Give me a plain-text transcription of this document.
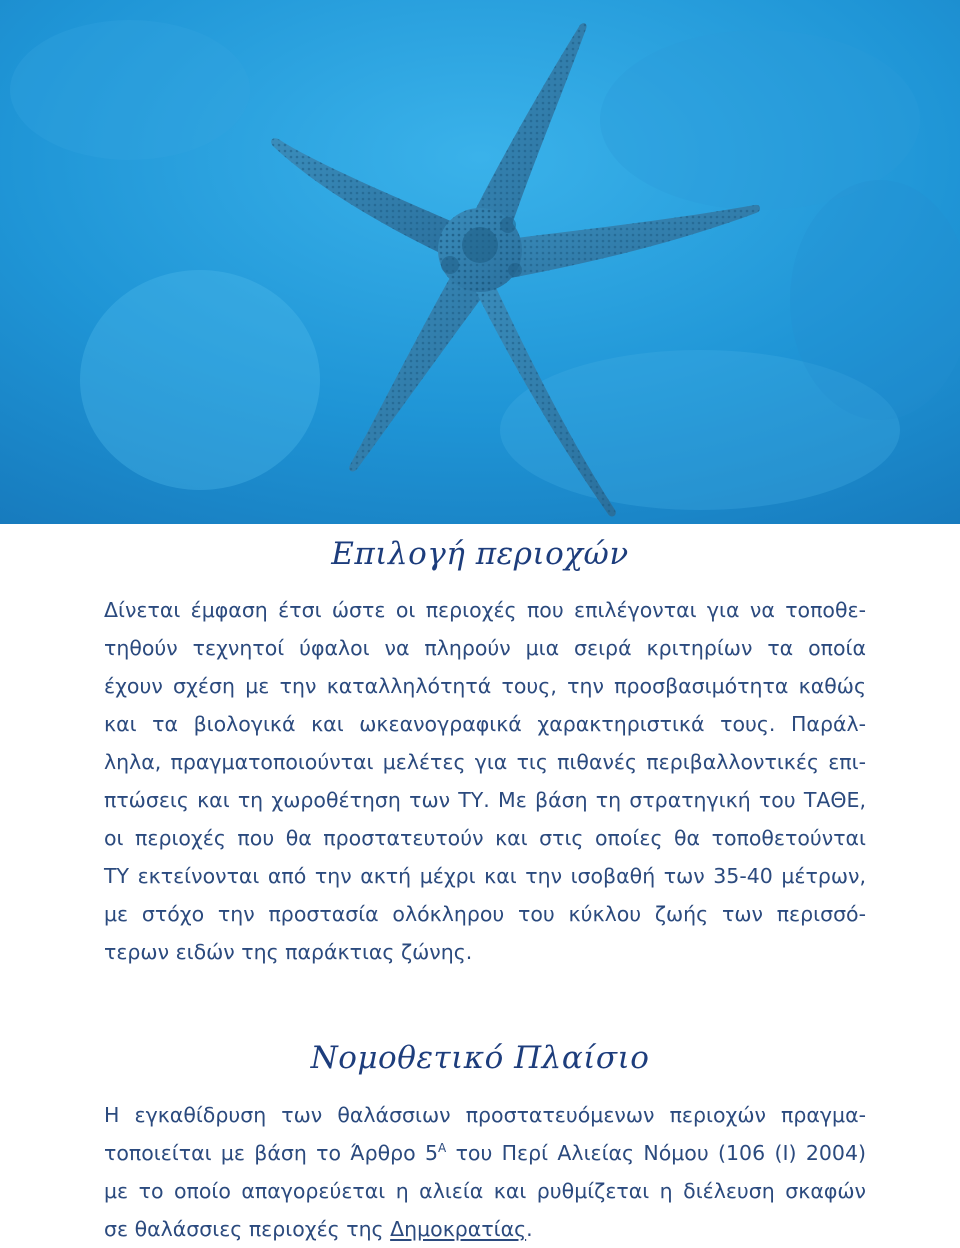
Επιλογή περιοχών

Δίνεται έμφαση έτσι ώστε οι περιοχές που επιλέγονται για να τοποθε-
τηθούν τεχνητοί ύφαλοι να πληρούν μια σειρά κριτηρίων τα οποία
έχουν σχέση με την καταλληλότητά τους, την προσβασιμότητα καθώς
και τα βιολογικά και ωκεανογραφικά χαρακτηριστικά τους. Παράλ-
ληλα, πραγματοποιούνται μελέτες για τις πιθανές περιβαλλοντικές επι-
πτώσεις και τη χωροθέτηση των ΤΥ. Με βάση τη στρατηγική του ΤΑΘΕ,
οι περιοχές που θα προστατευτούν και στις οποίες θα τοποθετούνται
ΤΥ εκτείνονται από την ακτή μέχρι και την ισοβαθή των 35-40 μέτρων,
με στόχο την προστασία ολόκληρου του κύκλου ζωής των περισσό-
τερων ειδών της παράκτιας ζώνης.

Νομοθετικό Πλαίσιο

Η εγκαθίδρυση των θαλάσσιων προστατευόμενων περιοχών πραγμα-
τοποιείται με βάση το Άρθρο $5^A$ του Περί Αλιείας Νόμου (106 (Ι) 2004)
με το οποίο απαγορεύεται η αλιεία και ρυθμίζεται η διέλευση σκαφών
σε θαλάσσιες περιοχές της Δημοκρατίας.
